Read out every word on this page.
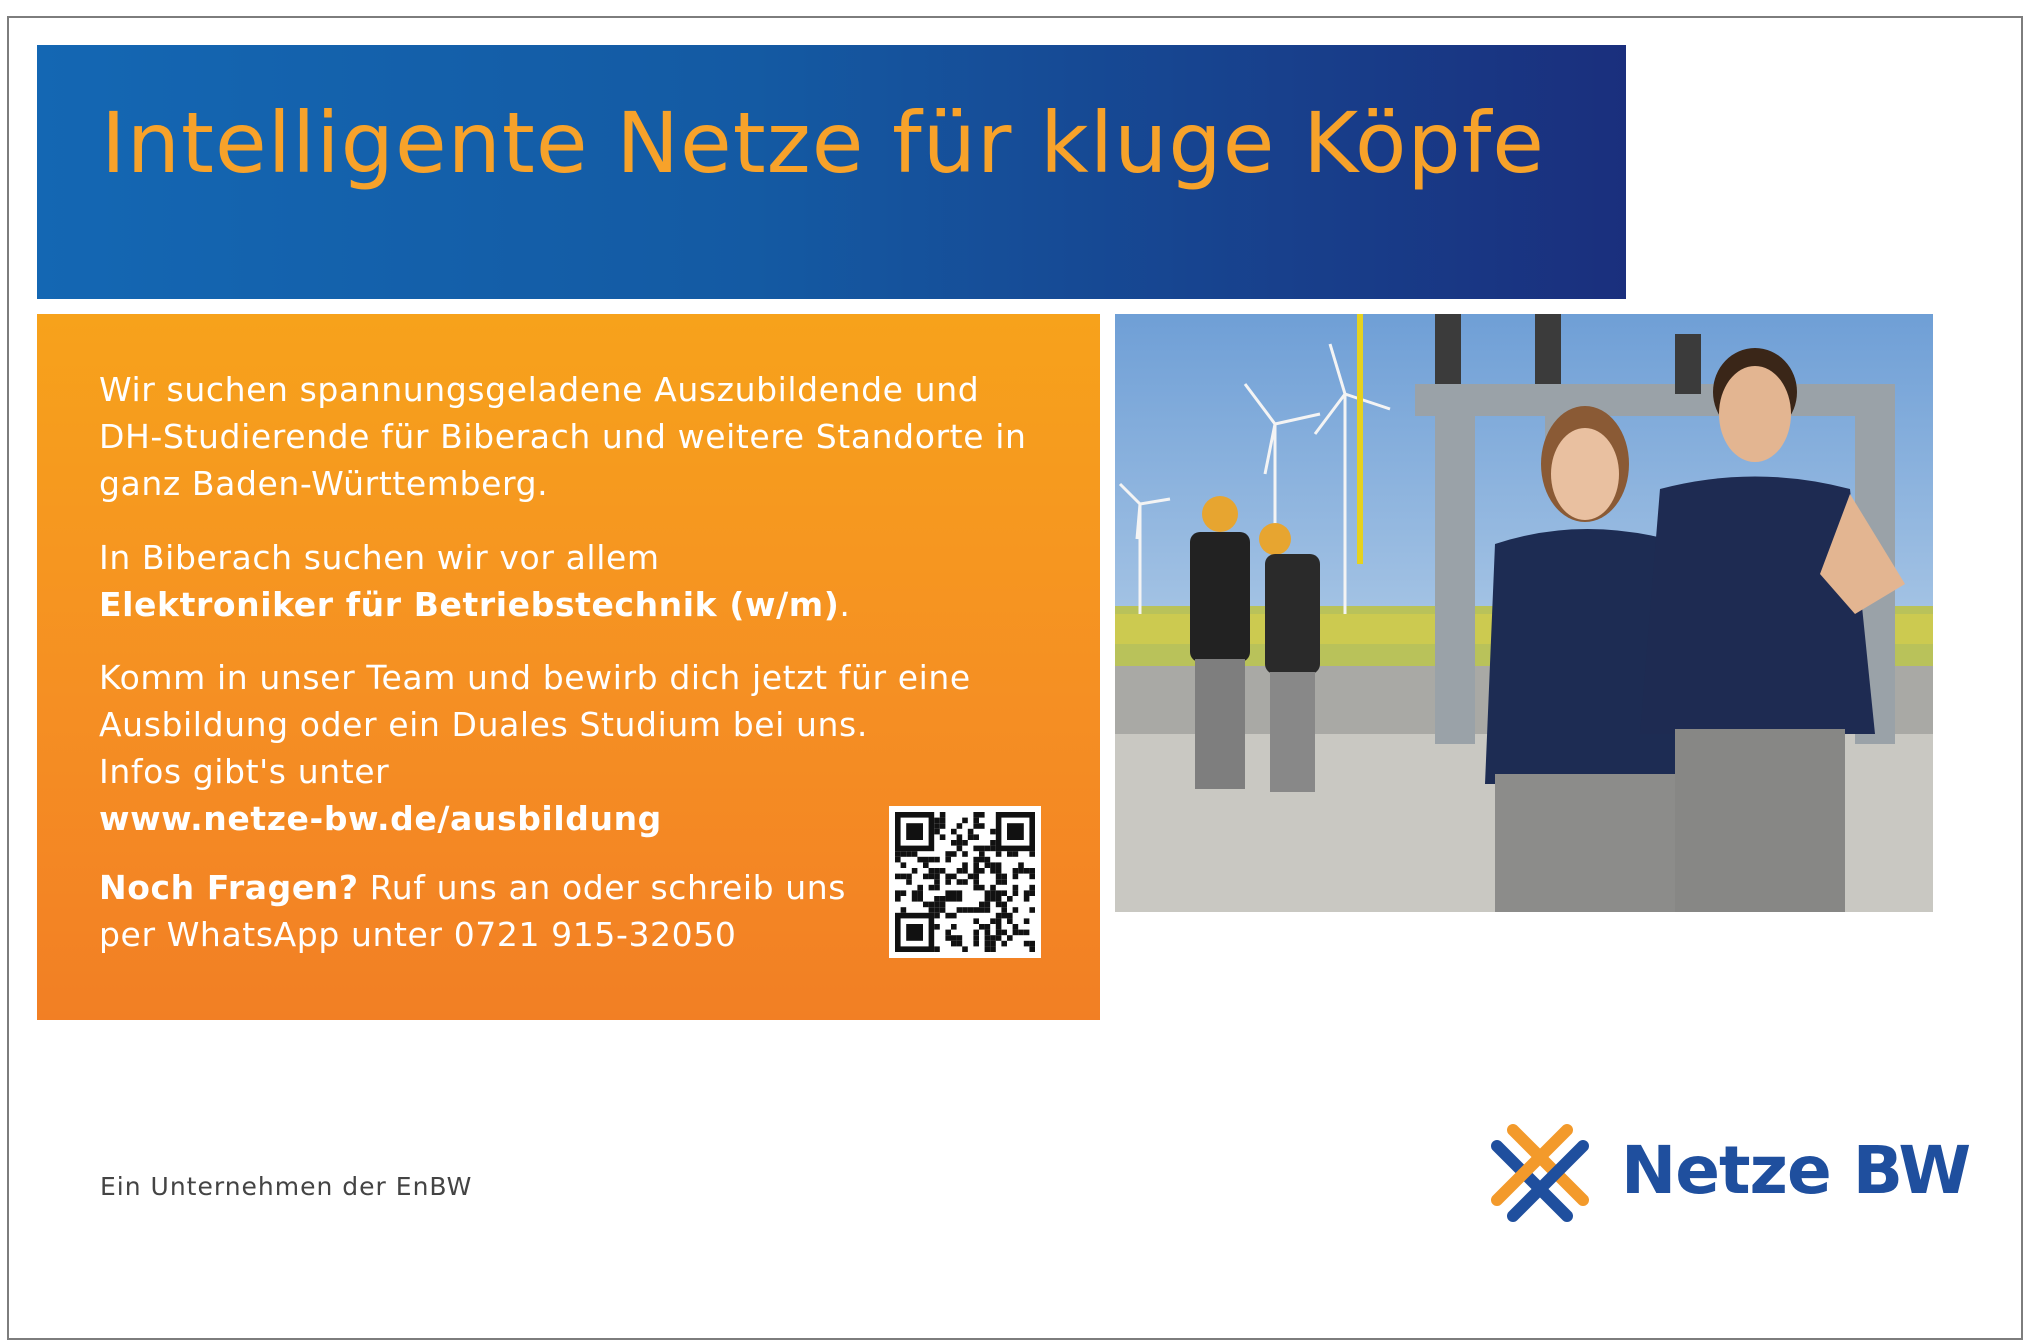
Intelligente Netze für kluge Köpfe

Wir suchen spannungsgeladene Auszubildende und
DH-Studierende für Biberach und weitere Standorte in
ganz Baden-Württemberg.

In Biberach suchen wir vor allem
Elektroniker für Betriebstechnik (w/m).

Komm in unser Team und bewirb dich jetzt für eine
Ausbildung oder ein Duales Studium bei uns.
Infos gibt's unter
www.netze-bw.de/ausbildung

Noch Fragen? Ruf uns an oder schreib uns
per WhatsApp unter 0721 915-32050

Ein Unternehmen der EnBW	Netze BW
